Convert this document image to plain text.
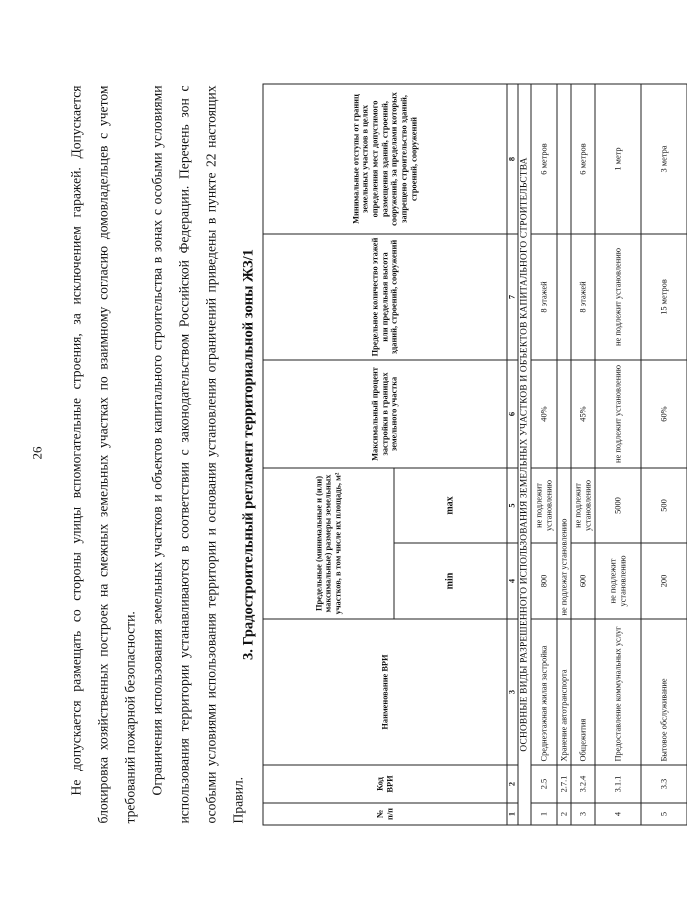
26	Не допускается размещать со стороны улицы вспомогательные строения, за исключением гаражей. Допускается блокировка хозяйственных построек на смежных земельных участках по взаимному согласию домовладельцев с учетом требований пожарной безопасности. Ограничения использования земельных участков и объектов капитального строительства в зонах с особыми условиями использования территории устанавливаются в соответствии с законодательством Российской Федерации. Перечень зон с особыми условиями использования территории и основания установления ограничений приведены в пункте 22 настоящих Правил.
3. Градостроительный регламент территориальной зоны ЖЗ/1
№ п/п	Код ВРИ	Наименование ВРИ	Предельные (минимальные и (или) максимальные) размеры земельных участков, в том числе их площадь, м²		Максимальный процент застройки в границах земельного участка	Предельное количество этажей или предельная высота зданий, строений, сооружений	Минимальные отступы от границ земельных участков в целях определения мест допустимого размещения зданий, строений, сооружений, за пределами которых запрещено строительство зданий, строений, сооружений
			min	max			
1	2	3	4	5	6	7	8
ОСНОВНЫЕ ВИДЫ РАЗРЕШЕННОГО ИСПОЛЬЗОВАНИЯ ЗЕМЕЛЬНЫХ УЧАСТКОВ И ОБЪЕКТОВ КАПИТАЛЬНОГО СТРОИТЕЛЬСТВА							
1	2.5	Среднеэтажная жилая застройка	800	не подлежит установлению	40%	8 этажей	6 метров
2	2.7.1	Хранение автотранспорта	не подлежат установлению				
3	3.2.4	Общежития	600	не подлежит установлению	45%	8 этажей	6 метров
4	3.1.1	Предоставление коммунальных услуг	не подлежит установлению	5000	не подлежит установлению	не подлежит установлению	1 метр
5	3.3	Бытовое обслуживание	200	500	60%	15 метров	3 метра
